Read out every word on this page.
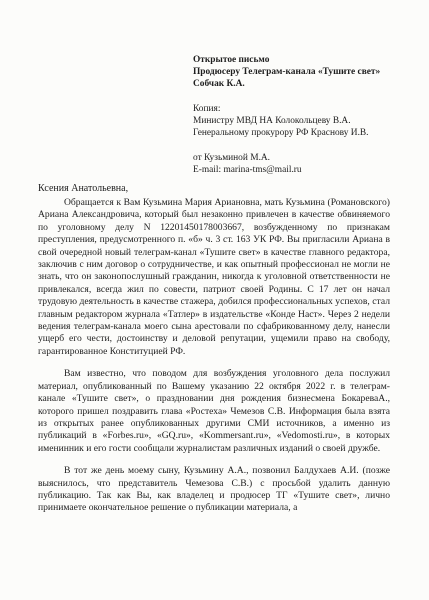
Открытое письмо
Продюсеру Телеграм-канала «Тушите свет»
Собчак К.А.
Копия:
Министру МВД НА Колокольцеву В.А.
Генеральному прокурору РФ Краснову И.В.
от Кузьминой М.А.
E-mail: marina-tms@mail.ru
Ксения Анатольевна,

Обращается к Вам Кузьмина Мария Ариановна, мать Кузьмина (Романовского) Ариана Александровича, который был незаконно привлечен в качестве обвиняемого по уголовному делу N 12201450178003667, возбужденному по признакам преступления, предусмотренного п. «б» ч. 3 ст. 163 УК РФ. Вы пригласили Ариана в свой очередной новый телеграм-канал «Тушите свет» в качестве главного редактора, заключив с ним договор о сотрудничестве, и как опытный профессионал не могли не знать, что он законопослушный гражданин, никогда к уголовной ответственности не привлекался, всегда жил по совести, патриот своей Родины. С 17 лет он начал трудовую деятельность в качестве стажера, добился профессиональных успехов, стал главным редактором журнала «Татлер» в издательстве «Конде Наст». Через 2 недели ведения телеграм-канала моего сына арестовали по сфабрикованному делу, нанесли ущерб его чести, достоинству и деловой репутации, ущемили право на свободу, гарантированное Конституцией РФ.

Вам известно, что поводом для возбуждения уголовного дела послужил материал, опубликованный по Вашему указанию 22 октября 2022 г. в телеграм-канале «Тушите свет», о праздновании дня рождения бизнесмена БокареваА., которого пришел поздравить глава «Ростеха» Чемезов С.В. Информация была взята из открытых ранее опубликованных другими СМИ источников, а именно из публикаций в «Forbes.ru», «GQ.ru», «Kommersant.ru», «Vedomosti.ru», в которых именинник и его гости сообщали журналистам различных изданий о своей дружбе.

В тот же день моему сыну, Кузьмину А.А., позвонил Балдухаев А.И. (позже выяснилось, что представитель Чемезова С.В.) с просьбой удалить данную публикацию. Так как Вы, как владелец и продюсер ТГ «Тушите свет», лично принимаете окончательное решение о публикации материала, а
